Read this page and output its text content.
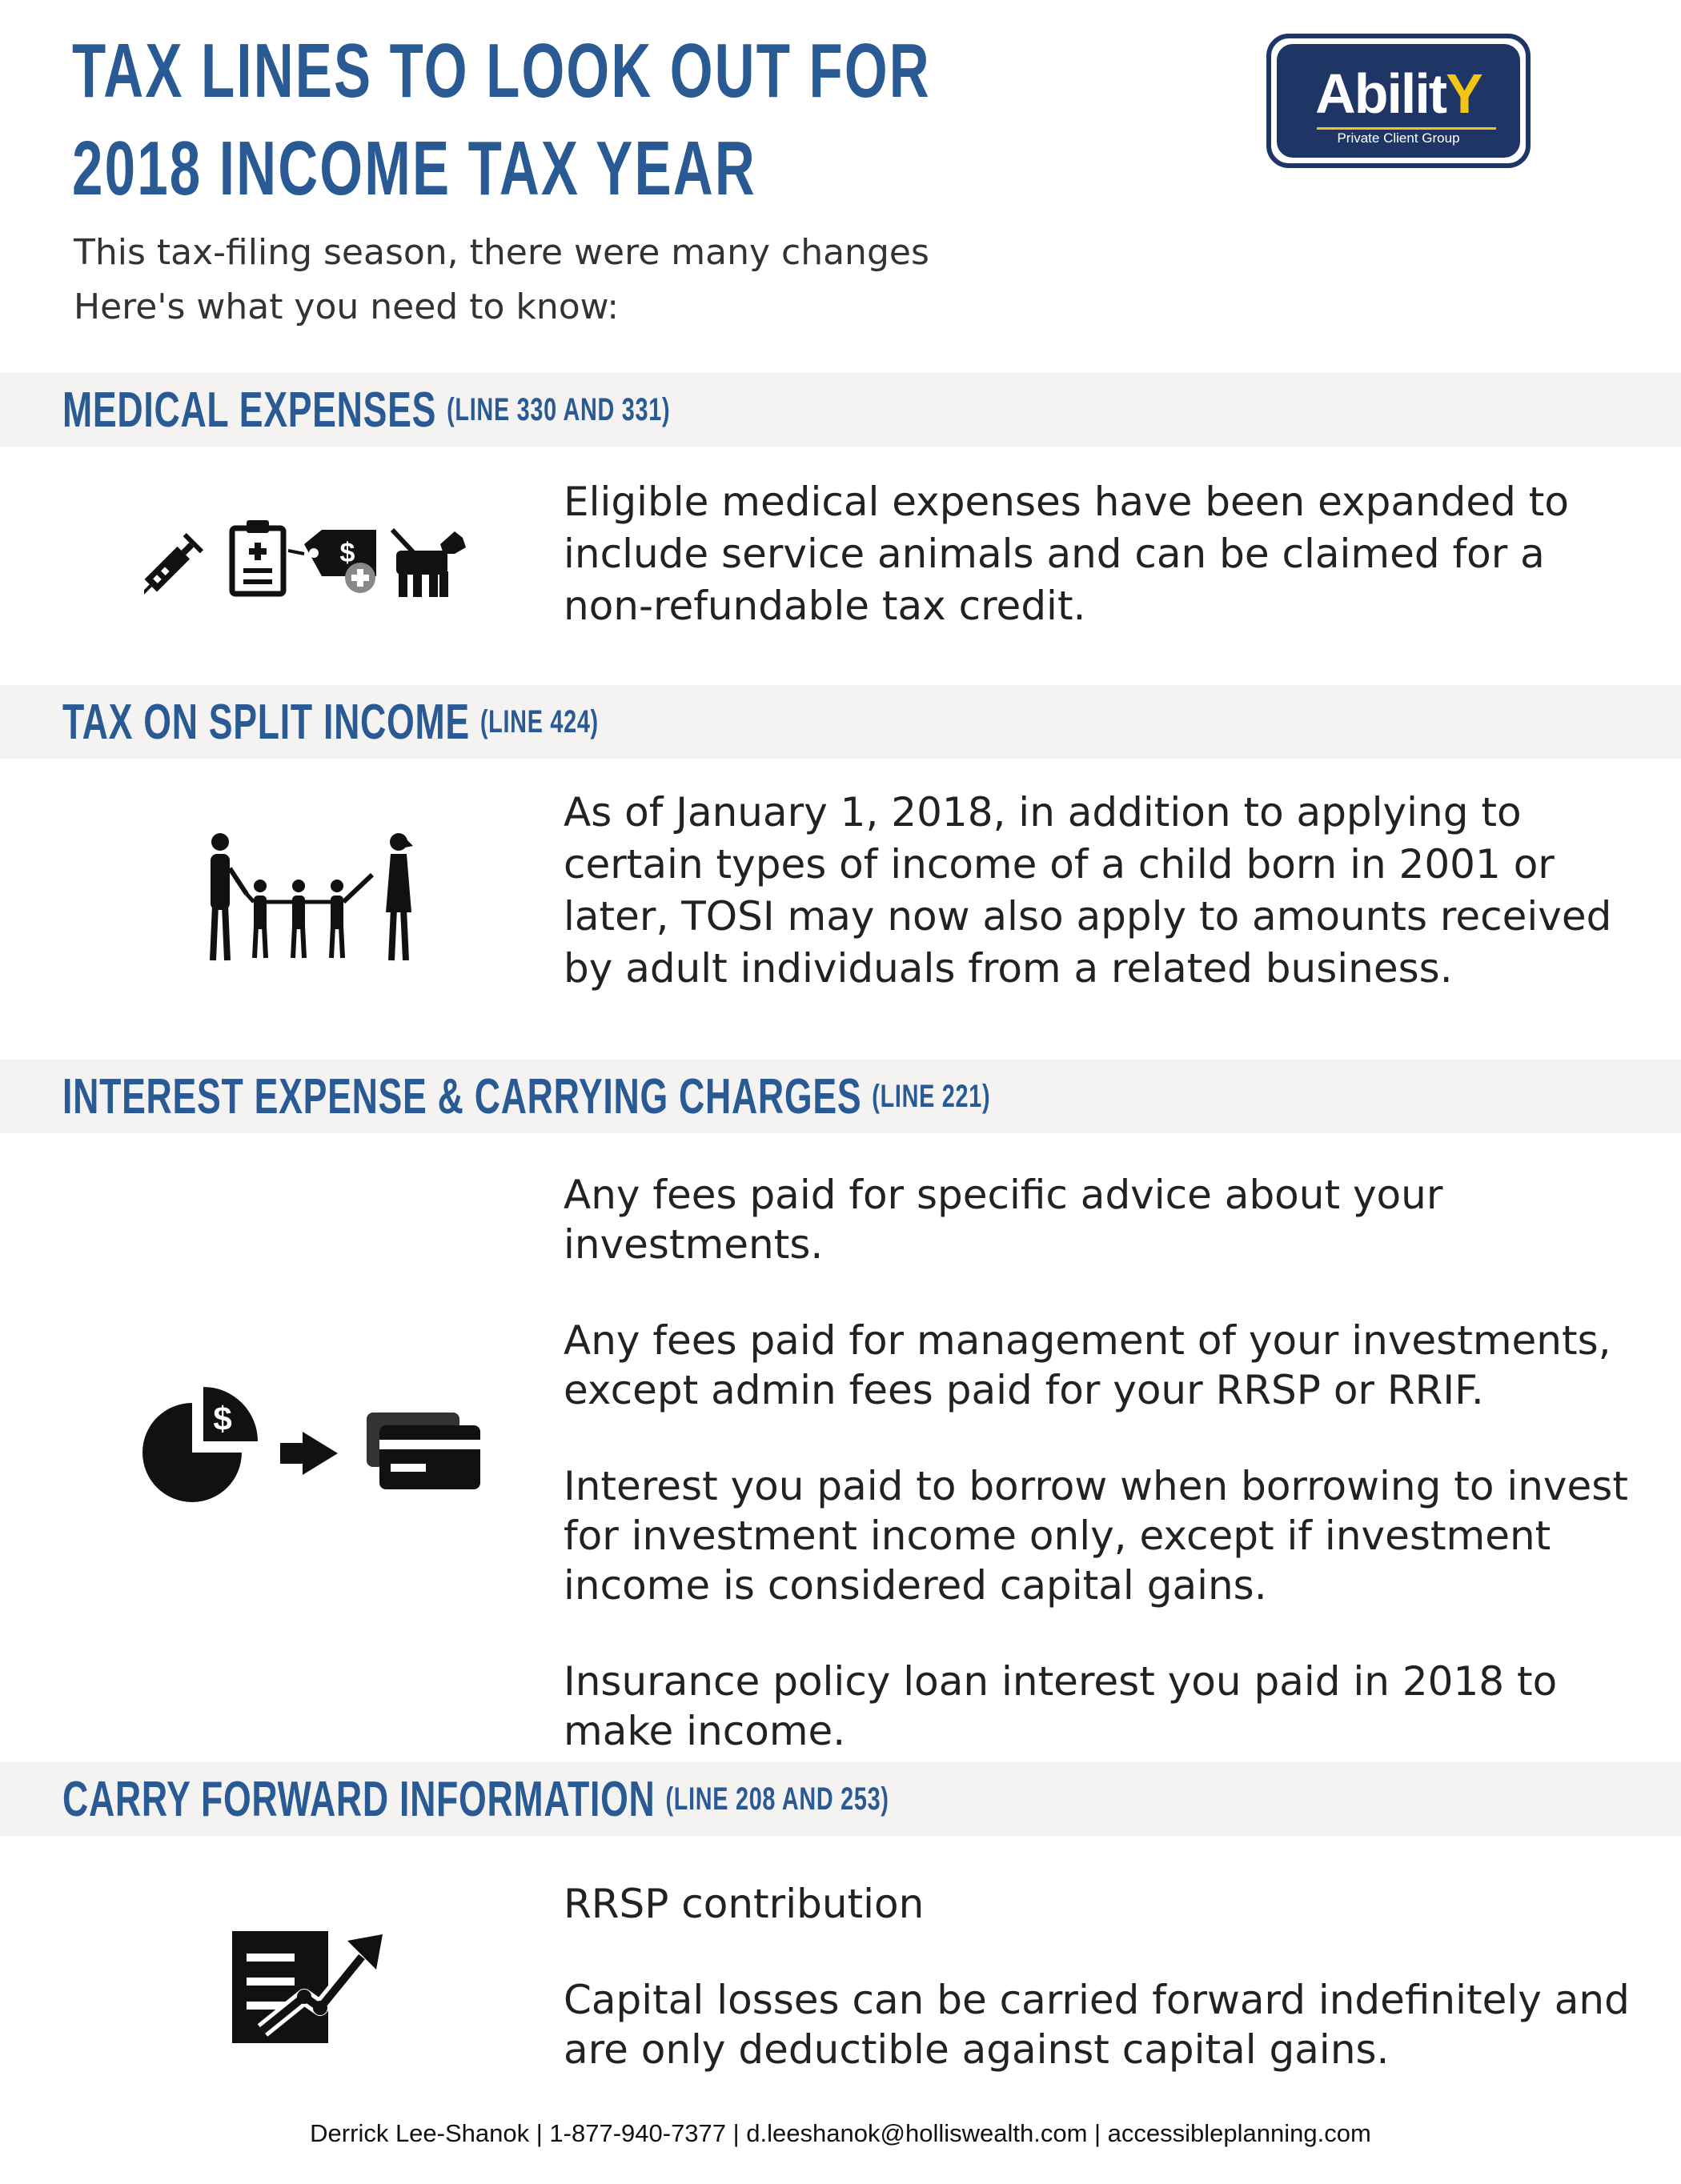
TAX LINES TO LOOK OUT FOR
2018 INCOME TAX YEAR
This tax-filing season, there were many changes
Here's what you need to know:
AbilitY
Private Client Group
MEDICAL EXPENSES (LINE 330 AND 331)
$

Eligible medical expenses have been expanded to include service animals and can be claimed for a non-refundable tax credit.

TAX ON SPLIT INCOME (LINE 424)

As of January 1, 2018, in addition to applying to certain types of income of a child born in 2001 or later, TOSI may now also apply to amounts received by adult individuals from a related business.

INTEREST EXPENSE & CARRYING CHARGES (LINE 221)
$

Any fees paid for specific advice about your investments.

Any fees paid for management of your investments, except admin fees paid for your RRSP or RRIF.

Interest you paid to borrow when borrowing to invest for investment income only, except if investment income is considered capital gains.

Insurance policy loan interest you paid in 2018 to make income.

CARRY FORWARD INFORMATION (LINE 208 AND 253)

RRSP contribution

Capital losses can be carried forward indefinitely and are only deductible against capital gains.

Derrick Lee-Shanok | 1-877-940-7377 | d.leeshanok@holliswealth.com | accessibleplanning.com
